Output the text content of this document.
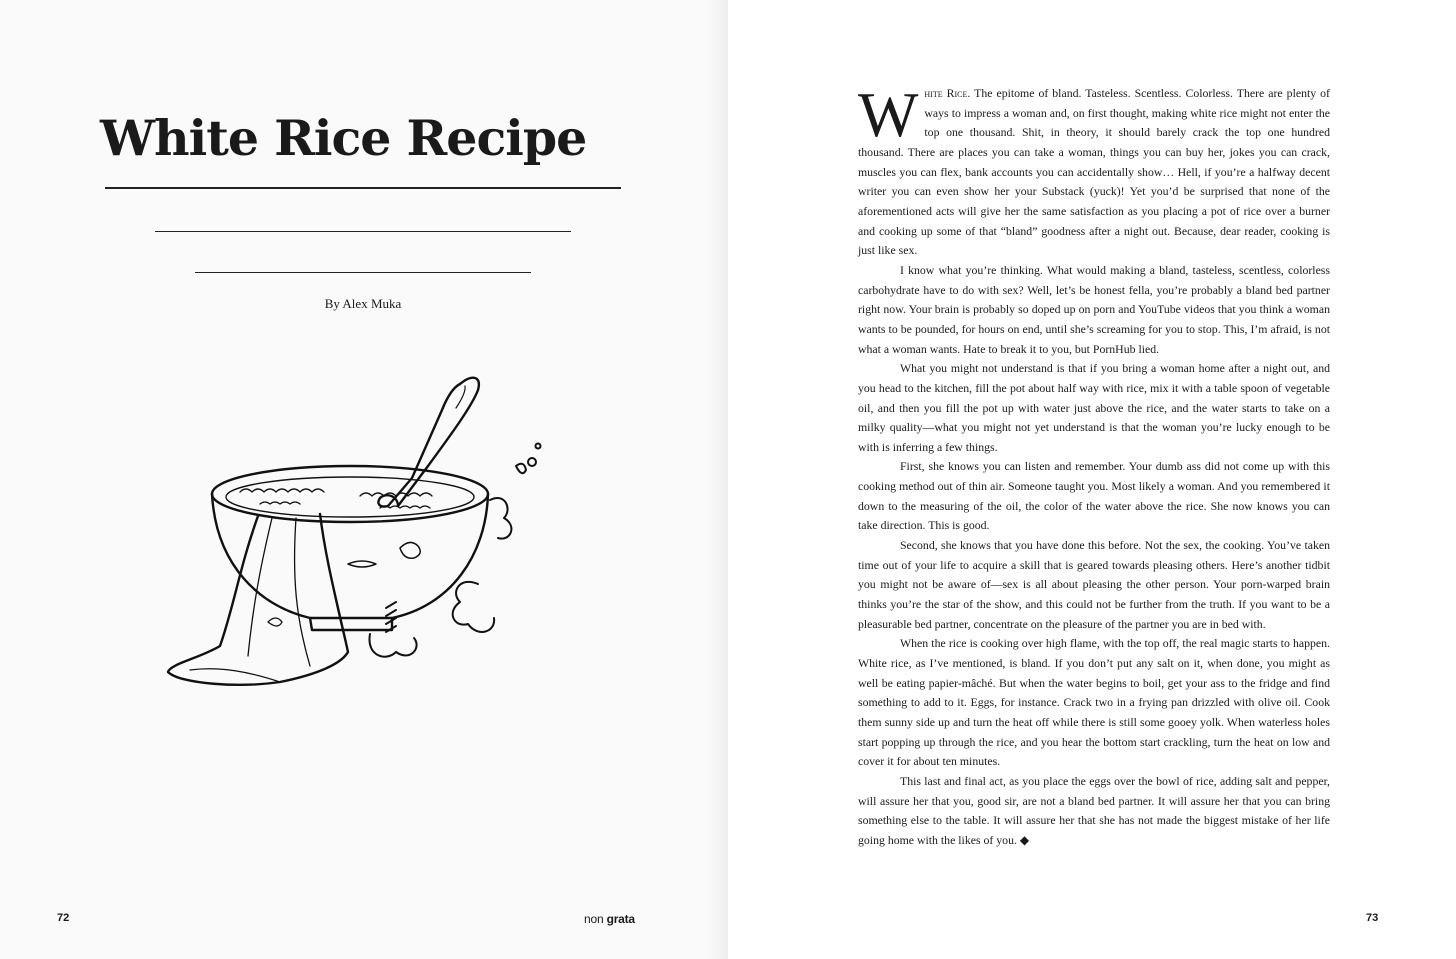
White Rice Recipe
By Alex Muka
72	non grata	73

White Rice. The epitome of bland. Tasteless. Scentless. Colorless. There are plenty of ways to impress a woman and, on first thought, making white rice might not enter the top one thousand. Shit, in theory, it should barely crack the top one hundred thousand. There are places you can take a woman, things you can buy her, jokes you can crack, muscles you can flex, bank accounts you can accidentally show… Hell, if you’re a halfway decent writer you can even show her your Substack (yuck)! Yet you’d be surprised that none of the aforementioned acts will give her the same satisfaction as you placing a pot of rice over a burner and cooking up some of that “bland” goodness after a night out. Because, dear reader, cooking is just like sex.

I know what you’re thinking. What would making a bland, tasteless, scentless, colorless carbohydrate have to do with sex? Well, let’s be honest fella, you’re probably a bland bed partner right now. Your brain is probably so doped up on porn and YouTube videos that you think a woman wants to be pounded, for hours on end, until she’s screaming for you to stop. This, I’m afraid, is not what a woman wants. Hate to break it to you, but PornHub lied.

What you might not understand is that if you bring a woman home after a night out, and you head to the kitchen, fill the pot about half way with rice, mix it with a table spoon of vegetable oil, and then you fill the pot up with water just above the rice, and the water starts to take on a milky quality—what you might not yet understand is that the woman you’re lucky enough to be with is inferring a few things.

First, she knows you can listen and remember. Your dumb ass did not come up with this cooking method out of thin air. Someone taught you. Most likely a woman. And you remembered it down to the measuring of the oil, the color of the water above the rice. She now knows you can take direction. This is good.

Second, she knows that you have done this before. Not the sex, the cooking. You’ve taken time out of your life to acquire a skill that is geared towards pleasing others. Here’s another tidbit you might not be aware of—sex is all about pleasing the other person. Your porn-warped brain thinks you’re the star of the show, and this could not be further from the truth. If you want to be a pleasurable bed partner, concentrate on the pleasure of the partner you are in bed with.

When the rice is cooking over high flame, with the top off, the real magic starts to happen. White rice, as I’ve mentioned, is bland. If you don’t put any salt on it, when done, you might as well be eating papier-mâché. But when the water begins to boil, get your ass to the fridge and find something to add to it. Eggs, for instance. Crack two in a frying pan drizzled with olive oil. Cook them sunny side up and turn the heat off while there is still some gooey yolk. When waterless holes start popping up through the rice, and you hear the bottom start crackling, turn the heat on low and cover it for about ten minutes.

This last and final act, as you place the eggs over the bowl of rice, adding salt and pepper, will assure her that you, good sir, are not a bland bed partner. It will assure her that you can bring something else to the table. It will assure her that she has not made the biggest mistake of her life going home with the likes of you. ◆
